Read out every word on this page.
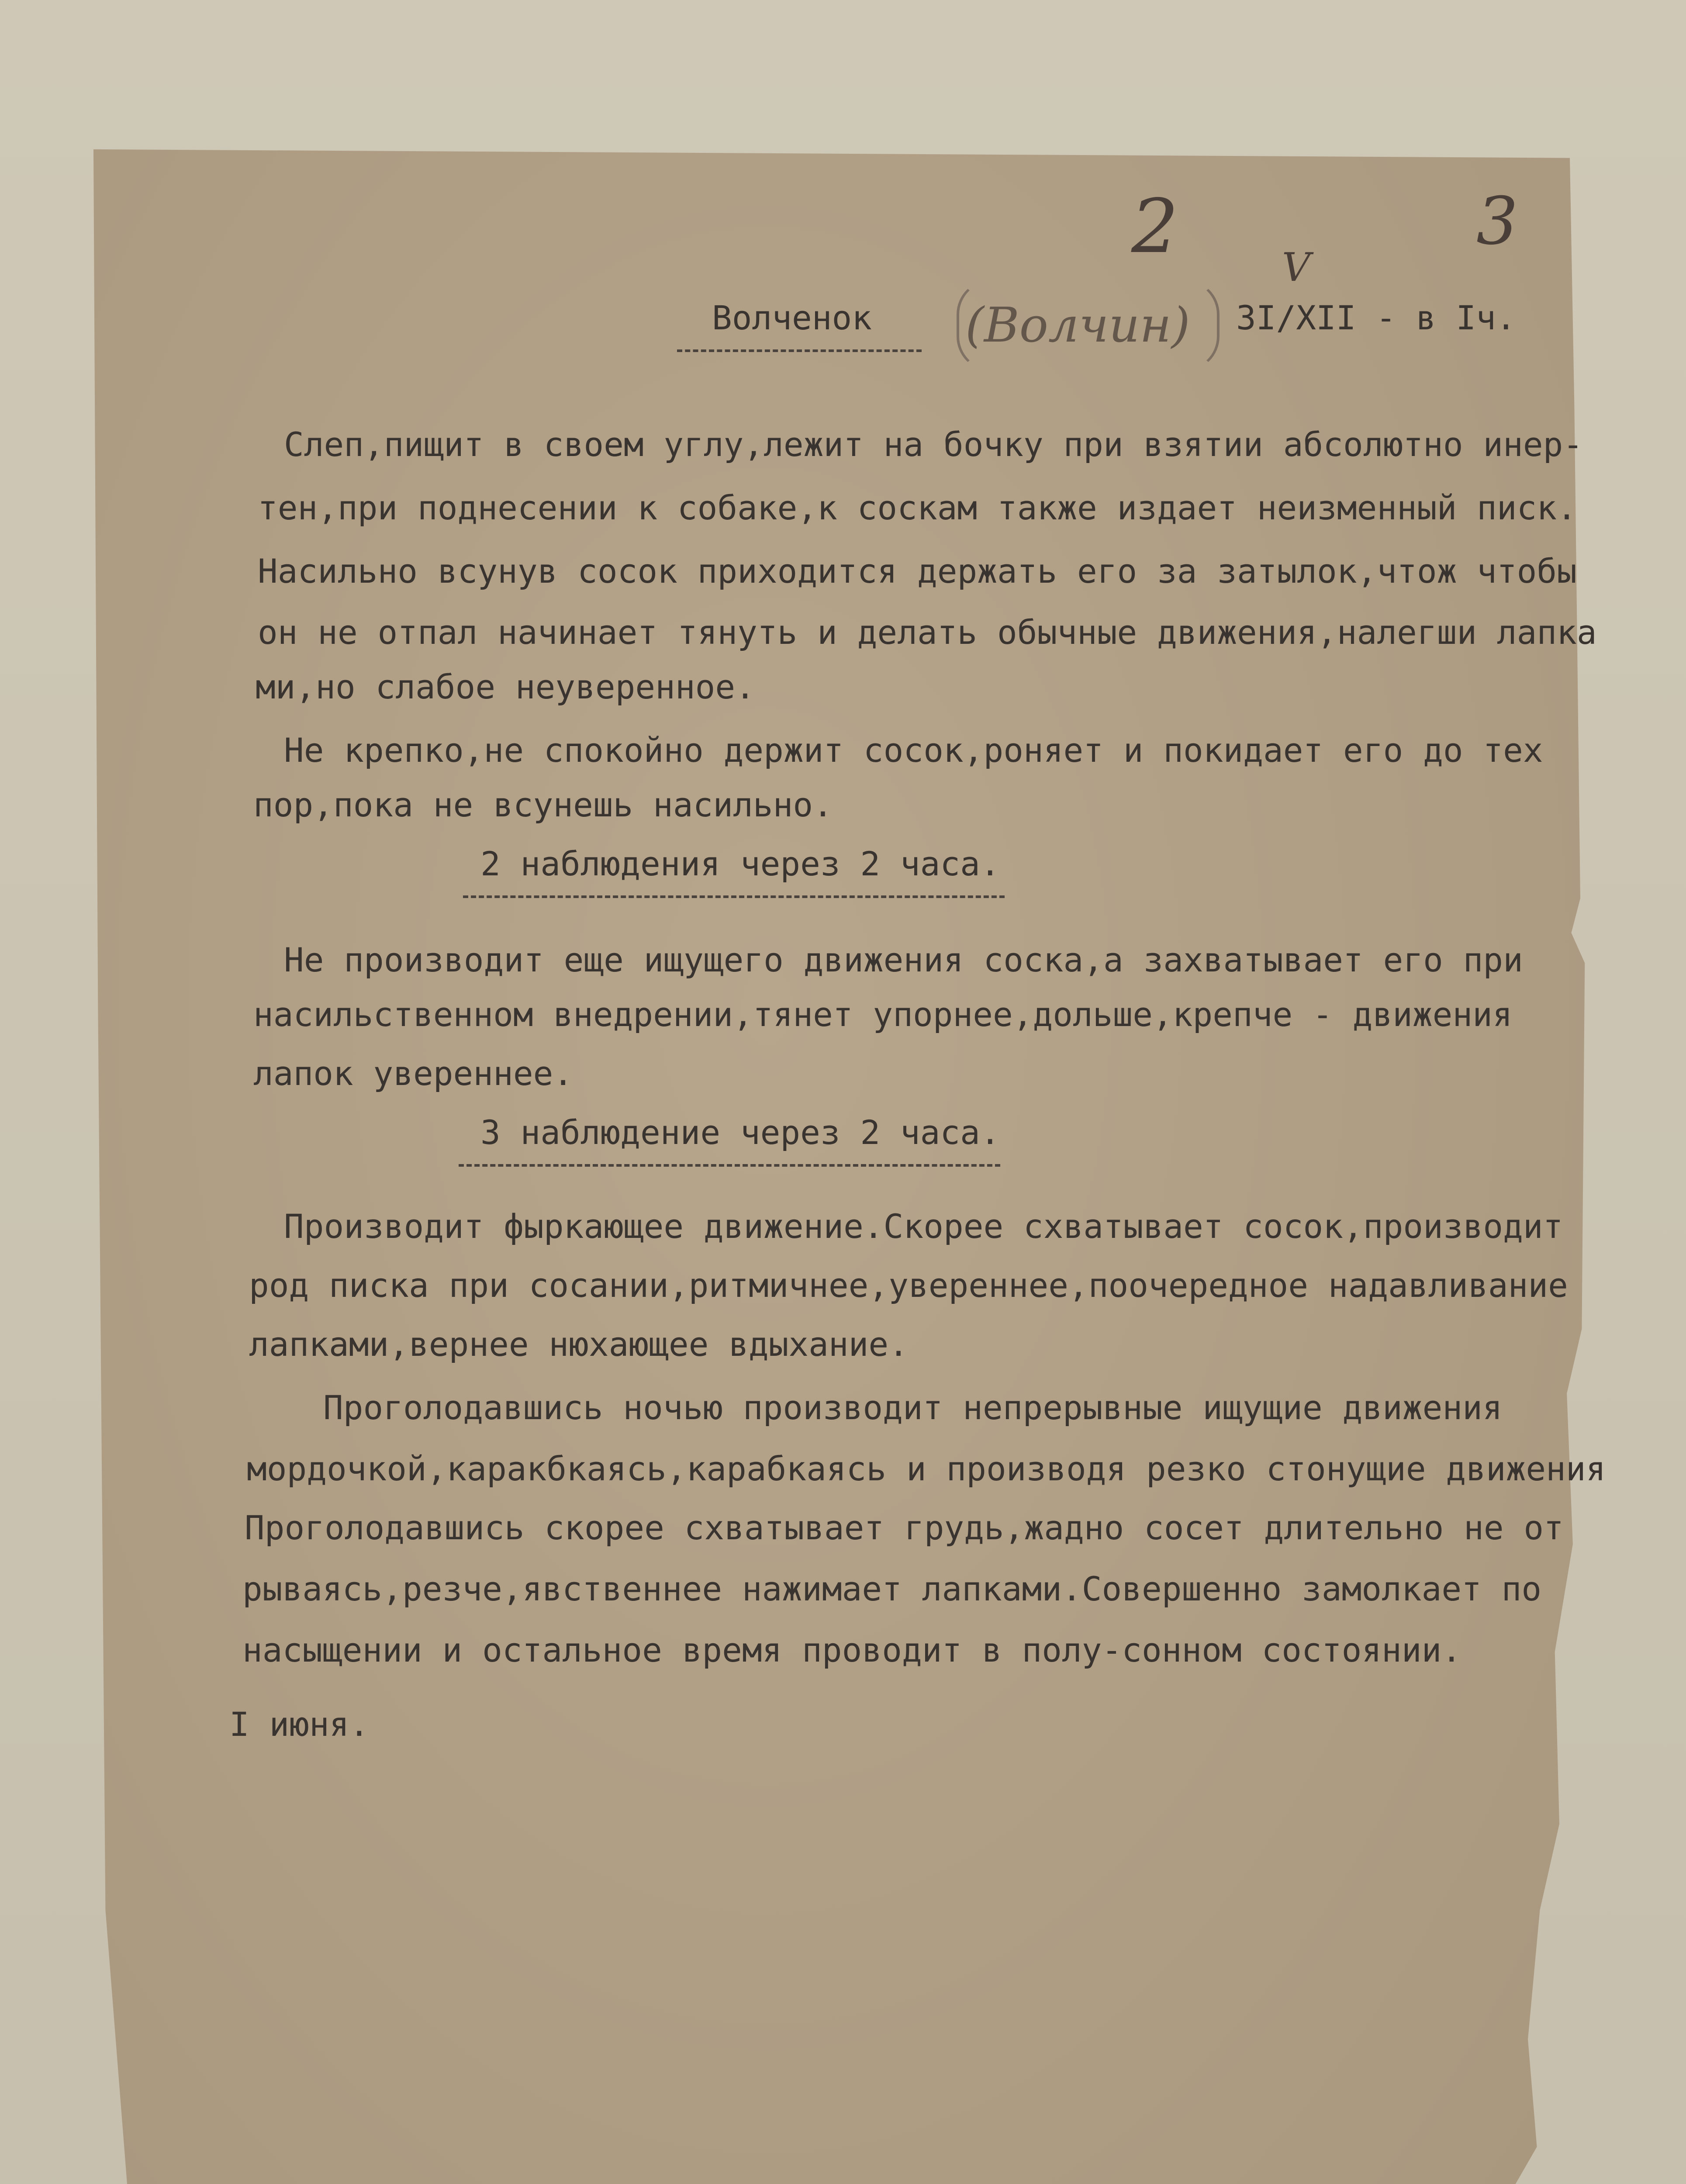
2	3
Волченок (Волчин)
V
3I/XII - в Iч.
Слеп,пищит в своем углу,лежит на бочку при взятии абсолютно инер-
тен,при поднесении к собаке,к соскам также издает неизменный писк.
Насильно всунув сосок приходится держать его за затылок,чтож чтобы
он не отпал начинает тянуть и делать обычные движения,налегши лапка
ми,но слабое неуверенное.
Не крепко,не спокойно держит сосок,роняет и покидает его до тех
пор,пока не всунешь насильно.
2 наблюдения через 2 часа.
Не производит еще ищущего движения соска,а захватывает его при
насильственном внедрении,тянет упорнее,дольше,крепче - движения
лапок увереннее.
3 наблюдение через 2 часа.
Производит фыркающее движение.Скорее схватывает сосок,производит
род писка при сосании,ритмичнее,увереннее,поочередное надавливание
лапками,вернее нюхающее вдыхание.
Проголодавшись ночью производит непрерывные ищущие движения
мордочкой,каракбкаясь,карабкаясь и производя резко стонущие движения
Проголодавшись скорее схватывает грудь,жадно сосет длительно не от
рываясь,резче,явственнее нажимает лапками.Совершенно замолкает по
насыщении и остальное время проводит в полу-сонном состоянии.
I июня.
